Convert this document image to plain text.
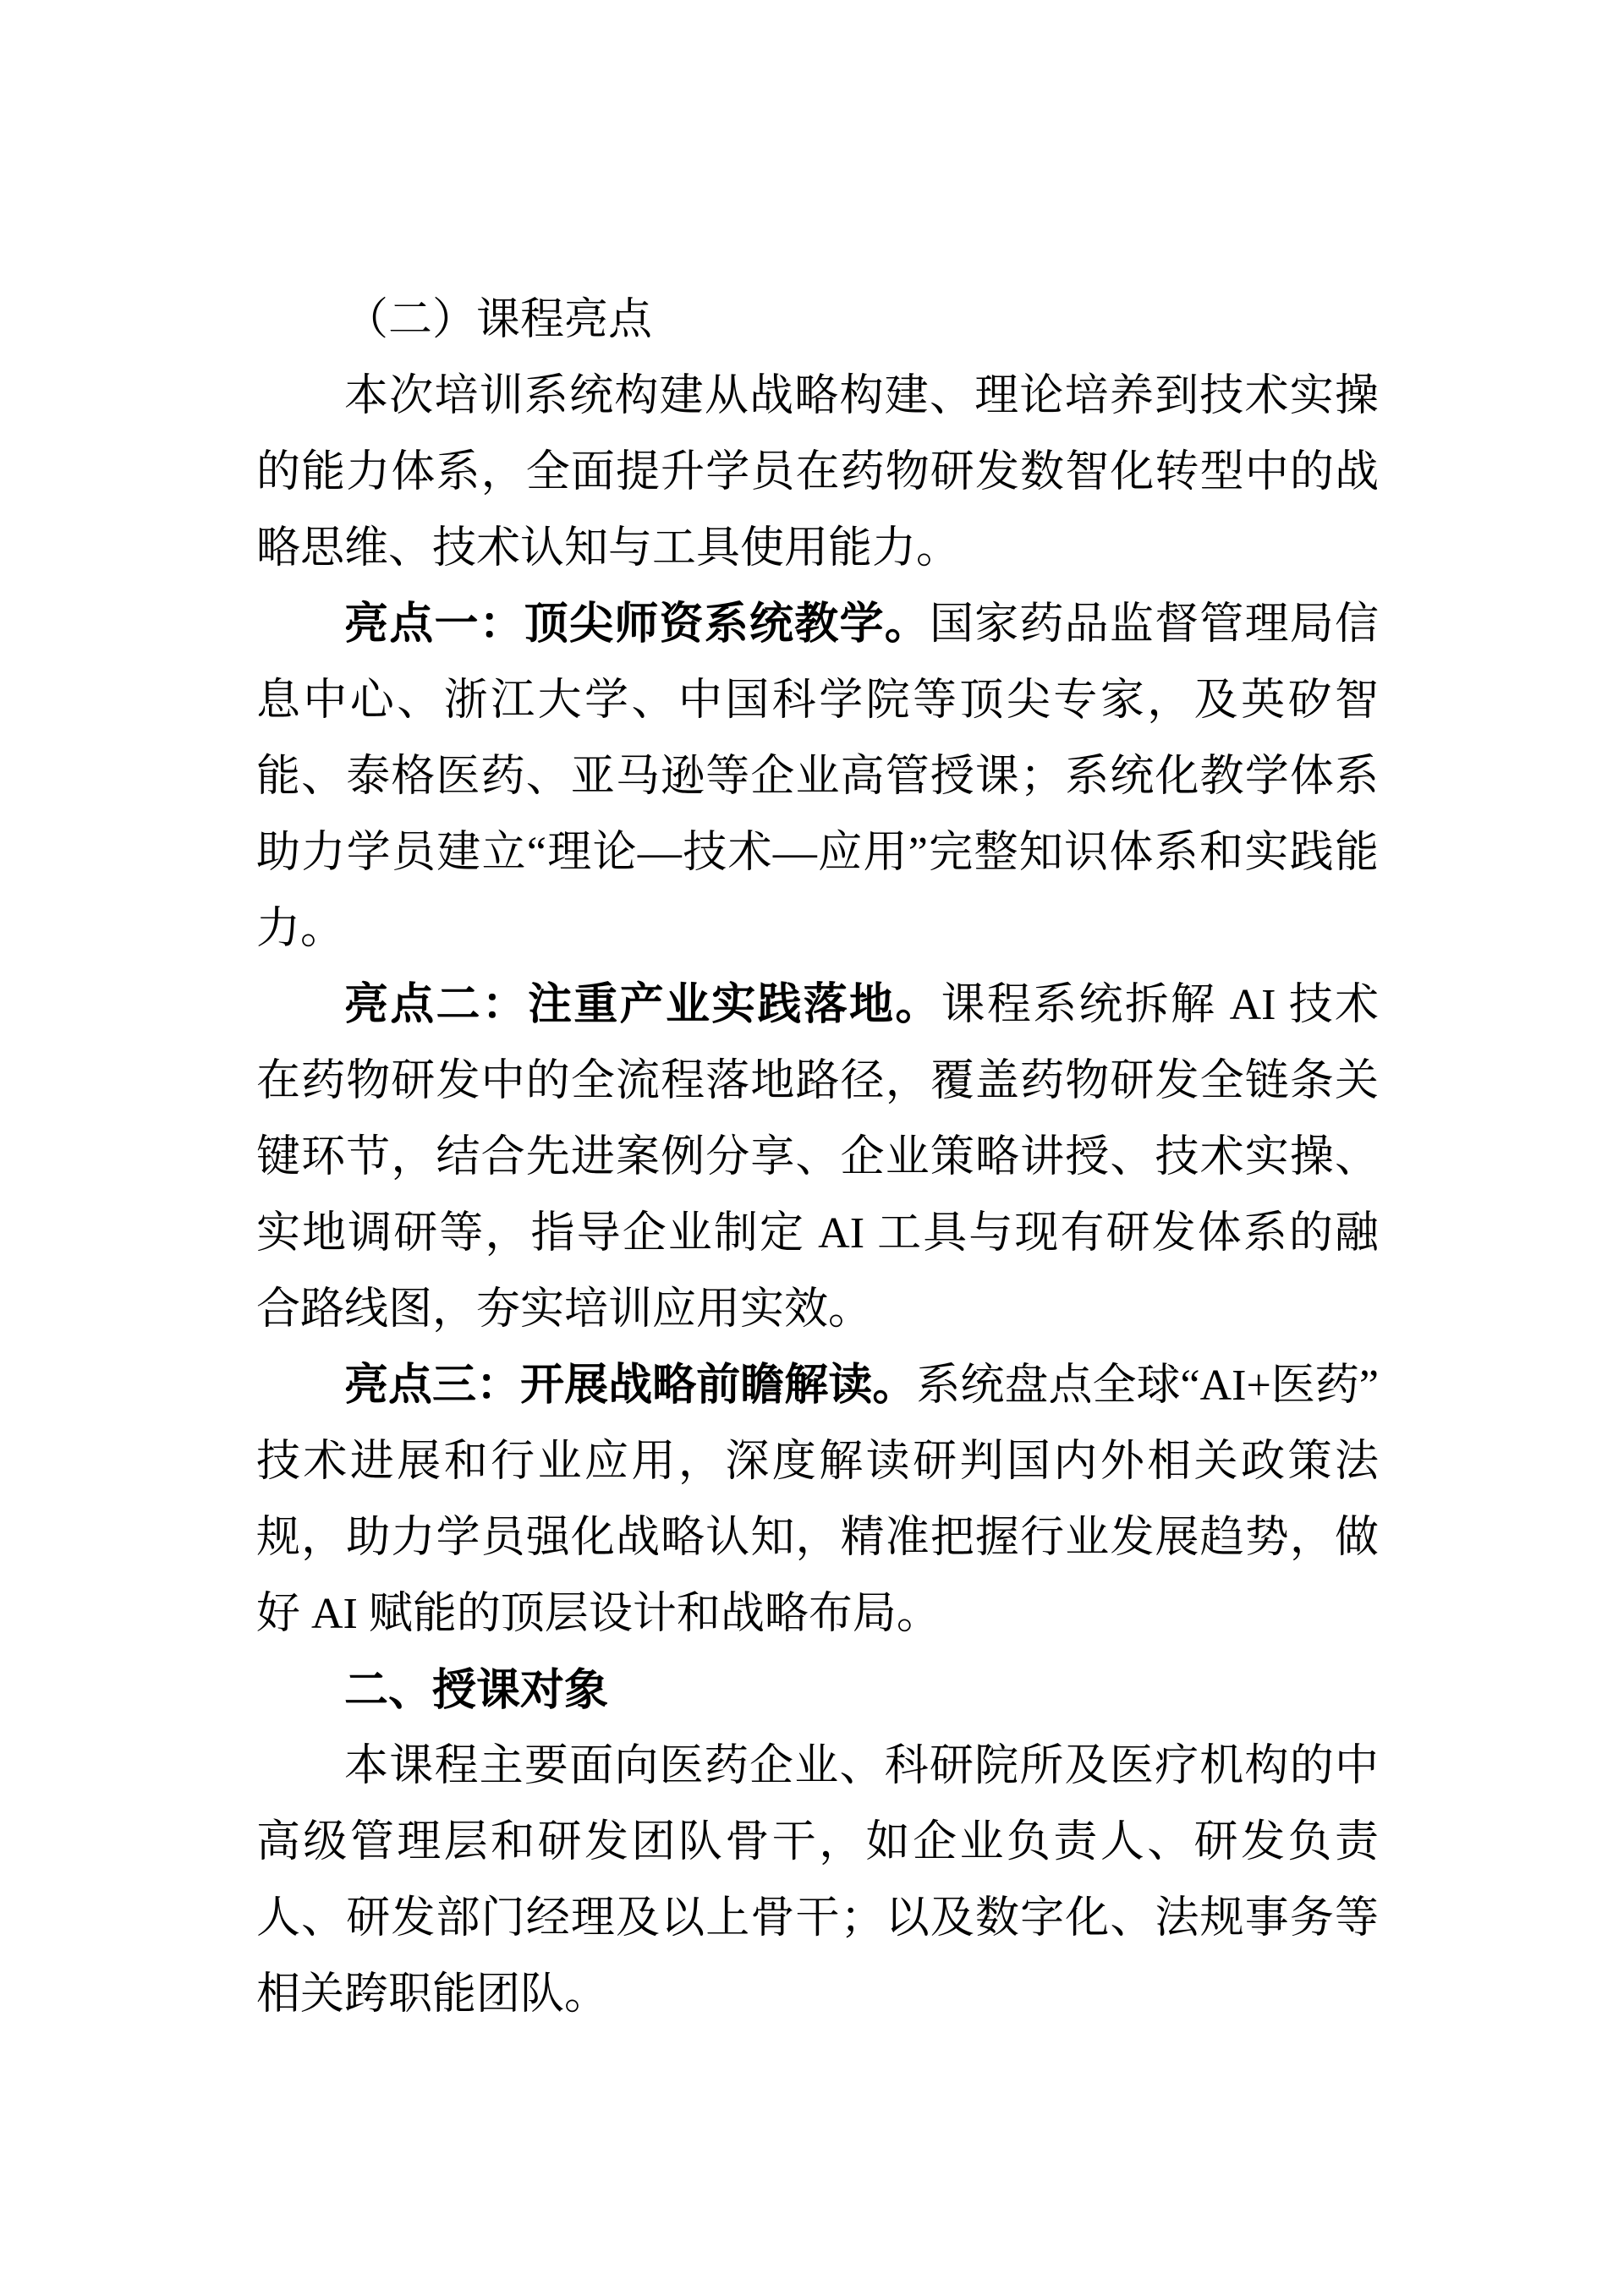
（二）课程亮点

本次培训系统构建从战略构建、理论培养到技术实操的能力体系，全面提升学员在药物研发数智化转型中的战略思维、技术认知与工具使用能力。

亮点一：顶尖师资系统教学。国家药品监督管理局信息中心、浙江大学、中国科学院等顶尖专家，及英矽智能、泰格医药、亚马逊等企业高管授课；系统化教学体系助力学员建立“理论—技术—应用”完整知识体系和实践能力。

亮点二：注重产业实践落地。课程系统拆解 AI 技术在药物研发中的全流程落地路径，覆盖药物研发全链条关键环节，结合先进案例分享、企业策略讲授、技术实操、实地调研等，指导企业制定 AI 工具与现有研发体系的融合路线图，夯实培训应用实效。

亮点三：开展战略前瞻解读。系统盘点全球“AI+医药”技术进展和行业应用，深度解读研判国内外相关政策法规，助力学员强化战略认知，精准把握行业发展趋势，做好 AI 赋能的顶层设计和战略布局。

二、授课对象

本课程主要面向医药企业、科研院所及医疗机构的中高级管理层和研发团队骨干，如企业负责人、研发负责人、研发部门经理及以上骨干；以及数字化、法规事务等相关跨职能团队。
